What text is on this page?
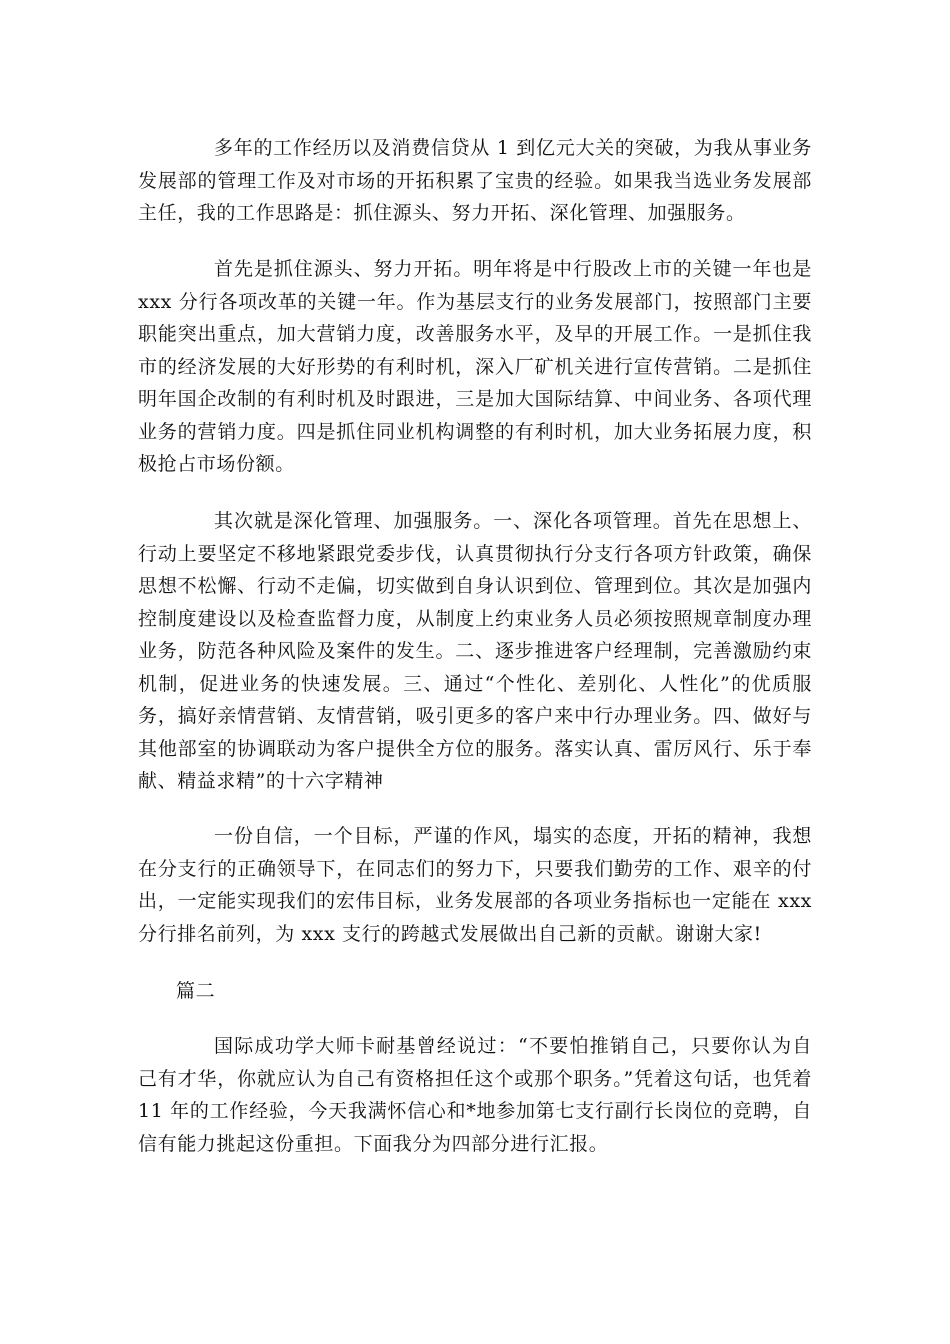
多年的工作经历以及消费信贷从 1 到亿元大关的突破，为我从事业务发展部的管理工作及对市场的开拓积累了宝贵的经验。如果我当选业务发展部主任，我的工作思路是：抓住源头、努力开拓、深化管理、加强服务。

首先是抓住源头、努力开拓。明年将是中行股改上市的关键一年也是 xxx 分行各项改革的关键一年。作为基层支行的业务发展部门，按照部门主要职能突出重点，加大营销力度，改善服务水平，及早的开展工作。一是抓住我市的经济发展的大好形势的有利时机，深入厂矿机关进行宣传营销。二是抓住明年国企改制的有利时机及时跟进，三是加大国际结算、中间业务、各项代理业务的营销力度。四是抓住同业机构调整的有利时机，加大业务拓展力度，积极抢占市场份额。

其次就是深化管理、加强服务。一、深化各项管理。首先在思想上、行动上要坚定不移地紧跟党委步伐，认真贯彻执行分支行各项方针政策，确保思想不松懈、行动不走偏，切实做到自身认识到位、管理到位。其次是加强内控制度建设以及检查监督力度，从制度上约束业务人员必须按照规章制度办理业务，防范各种风险及案件的发生。二、逐步推进客户经理制，完善激励约束机制，促进业务的快速发展。三、通过“个性化、差别化、人性化”的优质服务，搞好亲情营销、友情营销，吸引更多的客户来中行办理业务。四、做好与其他部室的协调联动为客户提供全方位的服务。落实认真、雷厉风行、乐于奉献、精益求精”的十六字精神

一份自信，一个目标，严谨的作风，塌实的态度，开拓的精神，我想在分支行的正确领导下，在同志们的努力下，只要我们勤劳的工作、艰辛的付出，一定能实现我们的宏伟目标，业务发展部的各项业务指标也一定能在 xxx 分行排名前列，为 xxx 支行的跨越式发展做出自己新的贡献。谢谢大家!

篇二

国际成功学大师卡耐基曾经说过：“不要怕推销自己，只要你认为自己有才华，你就应认为自己有资格担任这个或那个职务。”凭着这句话，也凭着 11 年的工作经验，今天我满怀信心和*地参加第七支行副行长岗位的竞聘，自信有能力挑起这份重担。下面我分为四部分进行汇报。
